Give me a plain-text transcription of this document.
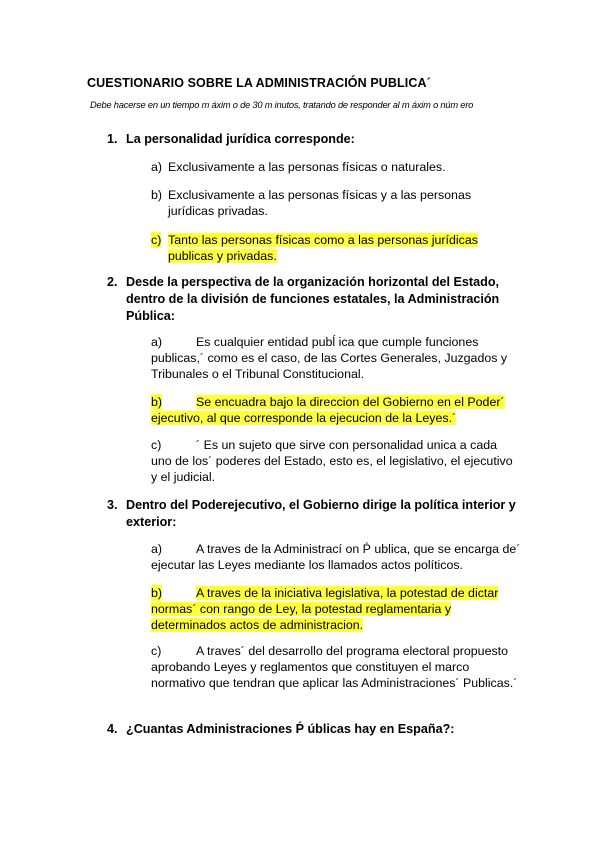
CUESTIONARIO SOBRE LA ADMINISTRACIÓN PUBLICA´
Debe hacerse en un tiempo m áxim o de 30 m inutos, tratando de responder al m áxim o núm ero
1. La personalidad jurídica corresponde:
a) Exclusivamente a las personas físicas o naturales.
b) Exclusivamente a las personas físicas y a las personas jurídicas privadas.
c) Tanto las personas físicas como a las personas jurídicas publicas y privadas.
2. Desde la perspectiva de la organización horizontal del Estado, dentro de la división de funciones estatales, la Administración Pública:
a)	Es cualquier entidad pubĺ ica que cumple funciones publicas,´ como es el caso, de las Cortes Generales, Juzgados y Tribunales o el Tribunal Constitucional.
b)	Se encuadra bajo la direccion del Gobierno en el Poder´ ejecutivo, al que corresponde la ejecucion de la Leyes.´
c)	´ Es un sujeto que sirve con personalidad unica a cada uno de los´ poderes del Estado, esto es, el legislativo, el ejecutivo y el judicial.
3. Dentro del Poderejecutivo, el Gobierno dirige la política interior y exterior:
a)	A traves de la Administrací on Ṕ ublica, que se encarga de´ ejecutar las Leyes mediante los llamados actos políticos.
b)	A traves de la iniciativa legislativa, la potestad de dictar normas´ con rango de Ley, la potestad reglamentaria y determinados actos de administracion.
c)	A traves´ del desarrollo del programa electoral propuesto aprobando Leyes y reglamentos que constituyen el marco normativo que tendran que aplicar las Administraciones´ Publicas.´
4. ¿Cuantas Administraciones Ṕ úblicas hay en España?:
